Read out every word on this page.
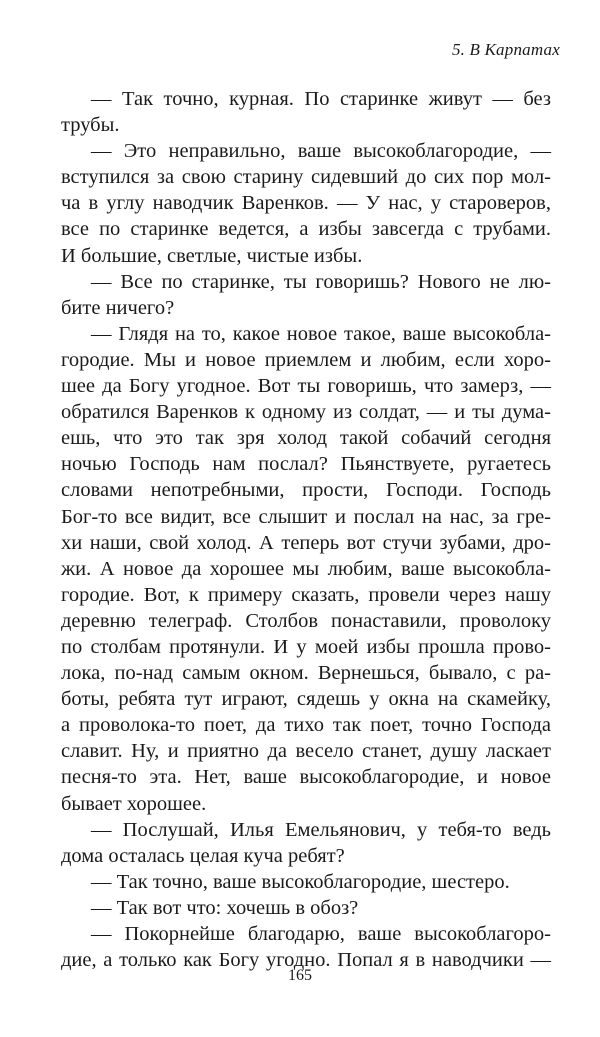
5. В Карпатах
— Так точно, курная. По старинке живут — без
трубы.
— Это неправильно, ваше высокоблагородие, —
вступился за свою старину сидевший до сих пор мол-
ча в углу наводчик Варенков. — У нас, у староверов,
все по старинке ведется, а избы завсегда с трубами.
И большие, светлые, чистые избы.
— Все по старинке, ты говоришь? Нового не лю-
бите ничего?
— Глядя на то, какое новое такое, ваше высокобла-
городие. Мы и новое приемлем и любим, если хоро-
шее да Богу угодное. Вот ты говоришь, что замерз, —
обратился Варенков к одному из солдат, — и ты дума-
ешь, что это так зря холод такой собачий сегодня
ночью Господь нам послал? Пьянствуете, ругаетесь
словами непотребными, прости, Господи. Господь
Бог-то все видит, все слышит и послал на нас, за гре-
хи наши, свой холод. А теперь вот стучи зубами, дро-
жи. А новое да хорошее мы любим, ваше высокобла-
городие. Вот, к примеру сказать, провели через нашу
деревню телеграф. Столбов понаставили, проволоку
по столбам протянули. И у моей избы прошла прово-
лока, по-над самым окном. Вернешься, бывало, с ра-
боты, ребята тут играют, сядешь у окна на скамейку,
а проволока-то поет, да тихо так поет, точно Господа
славит. Ну, и приятно да весело станет, душу ласкает
песня-то эта. Нет, ваше высокоблагородие, и новое
бывает хорошее.
— Послушай, Илья Емельянович, у тебя-то ведь
дома осталась целая куча ребят?
— Так точно, ваше высокоблагородие, шестеро.
— Так вот что: хочешь в обоз?
— Покорнейше благодарю, ваше высокоблагоро-
дие, а только как Богу угодно. Попал я в наводчики —
165
